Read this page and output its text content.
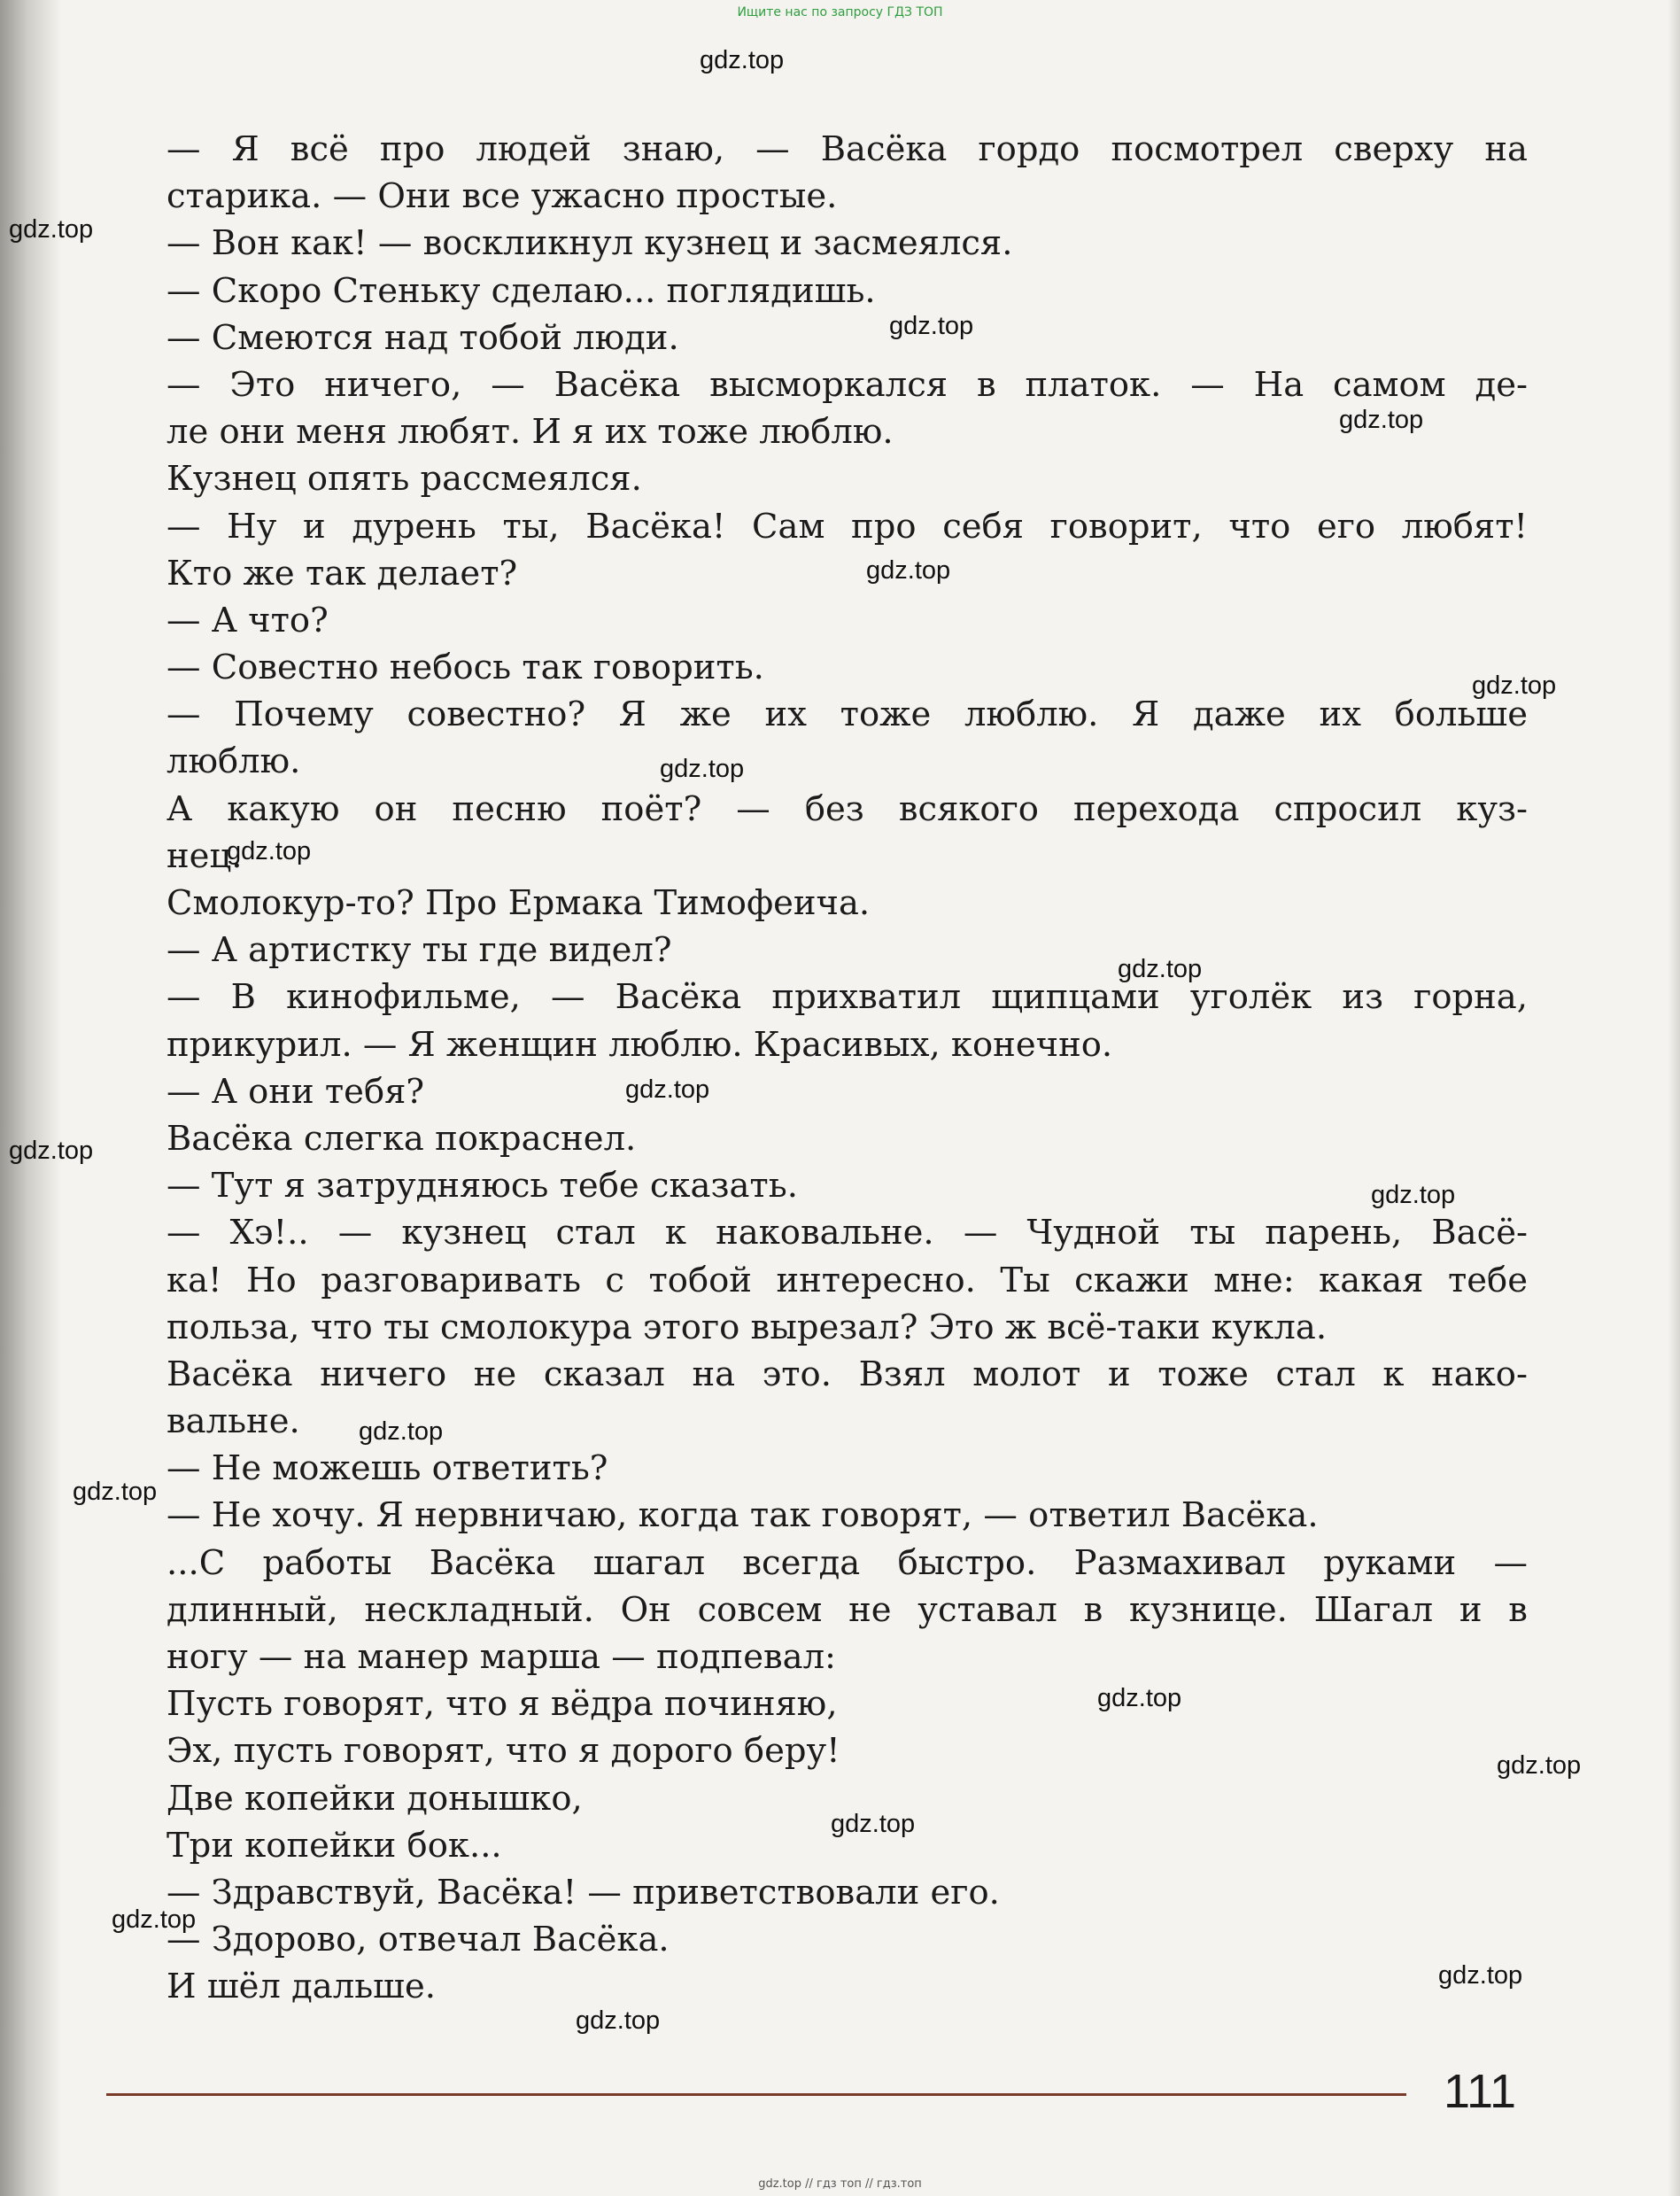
Ищите нас по запросу ГДЗ ТОП
gdz.top
gdz.top
gdz.top
gdz.top
gdz.top
gdz.top
gdz.top
gdz.top
gdz.top
gdz.top
gdz.top
gdz.top
gdz.top
gdz.top
gdz.top
gdz.top
gdz.top
gdz.top
gdz.top
gdz.top
— Я всё про людей знаю, — Васёка гордо посмотрел сверху на
старика. — Они все ужасно простые.
— Вон как! — воскликнул кузнец и засмеялся.
— Скоро Стеньку сделаю... поглядишь.
— Смеются над тобой люди.
— Это ничего, — Васёка высморкался в платок. — На самом де-
ле они меня любят. И я их тоже люблю.
Кузнец опять рассмеялся.
— Ну и дурень ты, Васёка! Сам про себя говорит, что его любят!
Кто же так делает?
— А что?
— Совестно небось так говорить.
— Почему совестно? Я же их тоже люблю. Я даже их больше
люблю.
А какую он песню поёт? — без всякого перехода спросил куз-
нец.
Смолокур-то? Про Ермака Тимофеича.
— А артистку ты где видел?
— В кинофильме, — Васёка прихватил щипцами уголёк из горна,
прикурил. — Я женщин люблю. Красивых, конечно.
— А они тебя?
Васёка слегка покраснел.
— Тут я затрудняюсь тебе сказать.
— Хэ!.. — кузнец стал к наковальне. — Чудной ты парень, Васё-
ка! Но разговаривать с тобой интересно. Ты скажи мне: какая тебе
польза, что ты смолокура этого вырезал? Это ж всё-таки кукла.
Васёка ничего не сказал на это. Взял молот и тоже стал к нако-
вальне.
— Не можешь ответить?
— Не хочу. Я нервничаю, когда так говорят, — ответил Васёка.
...С работы Васёка шагал всегда быстро. Размахивал руками —
длинный, нескладный. Он совсем не уставал в кузнице. Шагал и в
ногу — на манер марша — подпевал:
Пусть говорят, что я вёдра починяю,
Эх, пусть говорят, что я дорого беру!
Две копейки донышко,
Три копейки бок...
— Здравствуй, Васёка! — приветствовали его.
— Здорово, отвечал Васёка.
И шёл дальше.
111
gdz.top // гдз топ // гдз.топ
